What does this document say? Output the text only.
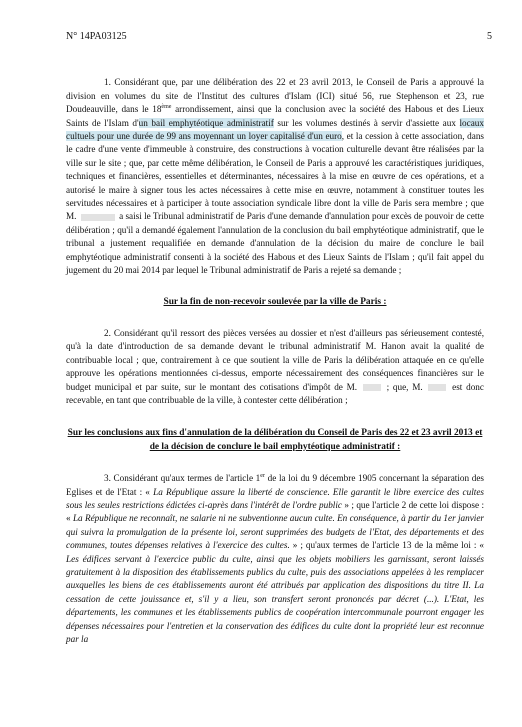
N° 14PA03125	5

1. Considérant que, par une délibération des 22 et 23 avril 2013, le Conseil de Paris a approuvé la division en volumes du site de l'Institut des cultures d'Islam (ICI) situé 56, rue Stephenson et 23, rue Doudeauville, dans le 18ème arrondissement, ainsi que la conclusion avec la société des Habous et des Lieux Saints de l'Islam d'un bail emphytéotique administratif sur les volumes destinés à servir d'assiette aux locaux cultuels pour une durée de 99 ans moyennant un loyer capitalisé d'un euro, et la cession à cette association, dans le cadre d'une vente d'immeuble à construire, des constructions à vocation culturelle devant être réalisées par la ville sur le site ; que, par cette même délibération, le Conseil de Paris a approuvé les caractéristiques juridiques, techniques et financières, essentielles et déterminantes, nécessaires à la mise en œuvre de ces opérations, et a autorisé le maire à signer tous les actes nécessaires à cette mise en œuvre, notamment à constituer toutes les servitudes nécessaires et à participer à toute association syndicale libre dont la ville de Paris sera membre ; que M.	a saisi le Tribunal administratif de Paris d'une demande d'annulation pour excès de pouvoir de cette délibération ; qu'il a demandé également l'annulation de la conclusion du bail emphytéotique administratif, que le tribunal a justement requalifiée en demande d'annulation de la décision du maire de conclure le bail emphytéotique administratif consenti à la société des Habous et des Lieux Saints de l'Islam ; qu'il fait appel du jugement du 20 mai 2014 par lequel le Tribunal administratif de Paris a rejeté sa demande ;

Sur la fin de non-recevoir soulevée par la ville de Paris :

2. Considérant qu'il ressort des pièces versées au dossier et n'est d'ailleurs pas sérieusement contesté, qu'à la date d'introduction de sa demande devant le tribunal administratif M. Hanon avait la qualité de contribuable local ; que, contrairement à ce que soutient la ville de Paris la délibération attaquée en ce qu'elle approuve les opérations mentionnées ci-dessus, emporte nécessairement des conséquences financières sur le budget municipal et par suite, sur le montant des cotisations d'impôt de M.	; que, M.	est donc recevable, en tant que contribuable de la ville, à contester cette délibération ;

Sur les conclusions aux fins d'annulation de la délibération du Conseil de Paris des 22 et 23 avril 2013 et de la décision de conclure le bail emphytéotique administratif :

3. Considérant qu'aux termes de l'article 1er de la loi du 9 décembre 1905 concernant la séparation des Eglises et de l'Etat : « La République assure la liberté de conscience. Elle garantit le libre exercice des cultes sous les seules restrictions édictées ci-après dans l'intérêt de l'ordre public » ; que l'article 2 de cette loi dispose : « La République ne reconnaît, ne salarie ni ne subventionne aucun culte. En conséquence, à partir du 1er janvier qui suivra la promulgation de la présente loi, seront supprimées des budgets de l'Etat, des départements et des communes, toutes dépenses relatives à l'exercice des cultes. » ; qu'aux termes de l'article 13 de la même loi : « Les édifices servant à l'exercice public du culte, ainsi que les objets mobiliers les garnissant, seront laissés gratuitement à la disposition des établissements publics du culte, puis des associations appelées à les remplacer auxquelles les biens de ces établissements auront été attribués par application des dispositions du titre II. La cessation de cette jouissance et, s'il y a lieu, son transfert seront prononcés par décret (...). L'Etat, les départements, les communes et les établissements publics de coopération intercommunale pourront engager les dépenses nécessaires pour l'entretien et la conservation des édifices du culte dont la propriété leur est reconnue par la
